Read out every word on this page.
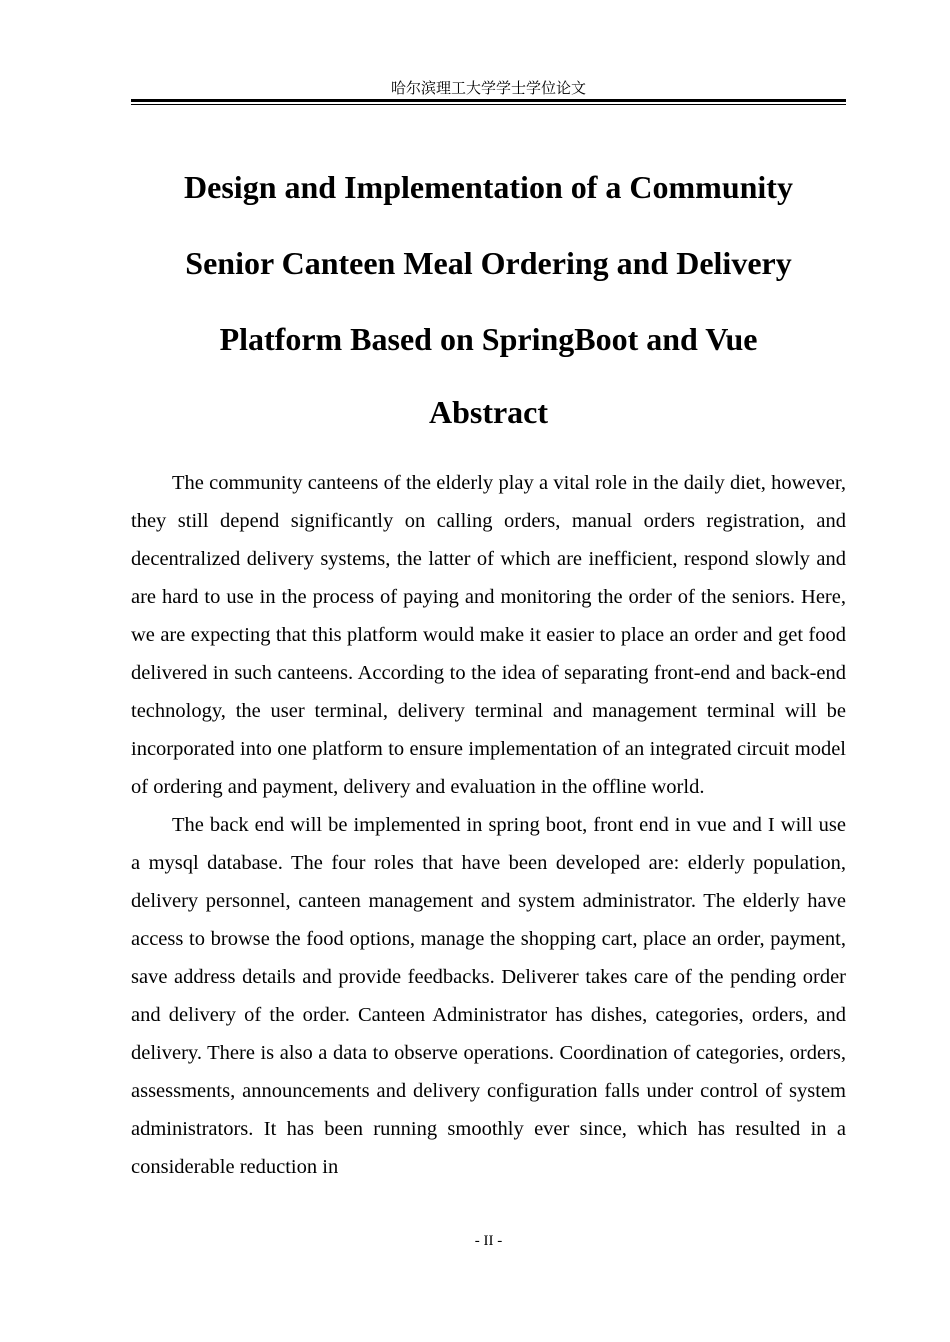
哈尔滨理工大学学士学位论文
Design and Implementation of a Community
Senior Canteen Meal Ordering and Delivery
Platform Based on SpringBoot and Vue
Abstract

The community canteens of the elderly play a vital role in the daily diet, however, they still depend significantly on calling orders, manual orders registration, and decentralized delivery systems, the latter of which are inefficient, respond slowly and are hard to use in the process of paying and monitoring the order of the seniors. Here, we are expecting that this platform would make it easier to place an order and get food delivered in such canteens. According to the idea of separating front-end and back-end technology, the user terminal, delivery terminal and management terminal will be incorporated into one platform to ensure implementation of an integrated circuit model of ordering and payment, delivery and evaluation in the offline world.

The back end will be implemented in spring boot, front end in vue and I will use a mysql database. The four roles that have been developed are: elderly population, delivery personnel, canteen management and system administrator. The elderly have access to browse the food options, manage the shopping cart, place an order, payment, save address details and provide feedbacks. Deliverer takes care of the pending order and delivery of the order. Canteen Administrator has dishes, categories, orders, and delivery. There is also a data to observe operations. Coordination of categories, orders, assessments, announcements and delivery configuration falls under control of system administrators. It has been running smoothly ever since, which has resulted in a considerable reduction in

- II -
